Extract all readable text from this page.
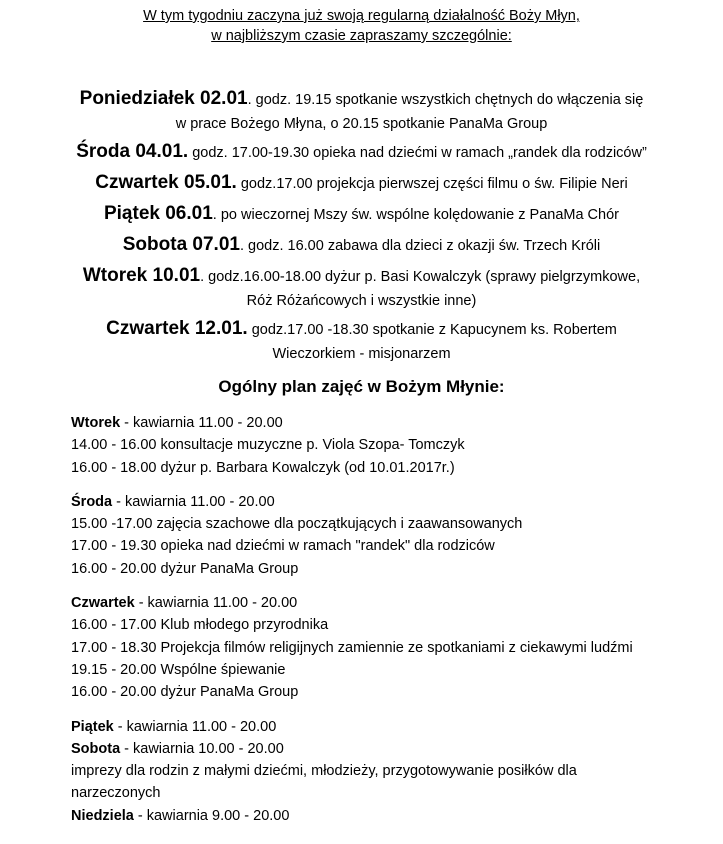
W tym tygodniu zaczyna już swoją regularną działalność Boży Młyn,
w najbliższym czasie zapraszamy szczególnie:

Poniedziałek 02.01. godz. 19.15 spotkanie wszystkich chętnych do włączenia się
w prace Bożego Młyna, o 20.15 spotkanie PanaMa Group

Środa 04.01. godz. 17.00-19.30 opieka nad dziećmi w ramach „randek dla rodziców”

Czwartek 05.01. godz.17.00 projekcja pierwszej części filmu o św. Filipie Neri

Piątek 06.01. po wieczornej Mszy św. wspólne kolędowanie z PanaMa Chór

Sobota 07.01. godz. 16.00 zabawa dla dzieci z okazji św. Trzech Króli

Wtorek 10.01. godz.16.00-18.00 dyżur p. Basi Kowalczyk (sprawy pielgrzymkowe,
Róż Różańcowych i wszystkie inne)

Czwartek 12.01. godz.17.00 -18.30 spotkanie z Kapucynem ks. Robertem
Wieczorkiem - misjonarzem

Ogólny plan zajęć w Bożym Młynie:
Wtorek - kawiarnia 11.00 - 20.00
14.00 - 16.00 konsultacje muzyczne p. Viola Szopa- Tomczyk
16.00 - 18.00 dyżur p. Barbara Kowalczyk (od 10.01.2017r.)
Środa - kawiarnia 11.00 - 20.00
15.00 -17.00 zajęcia szachowe dla początkujących i zaawansowanych
17.00 - 19.30 opieka nad dziećmi w ramach "randek" dla rodziców
16.00 - 20.00 dyżur PanaMa Group
Czwartek - kawiarnia 11.00 - 20.00
16.00 - 17.00 Klub młodego przyrodnika
17.00 - 18.30 Projekcja filmów religijnych zamiennie ze spotkaniami z ciekawymi ludźmi
19.15 - 20.00 Wspólne śpiewanie
16.00 - 20.00 dyżur PanaMa Group
Piątek - kawiarnia 11.00 - 20.00
Sobota - kawiarnia 10.00 - 20.00
imprezy dla rodzin z małymi dziećmi, młodzieży, przygotowywanie posiłków dla
narzeczonych
Niedziela - kawiarnia 9.00 - 20.00
